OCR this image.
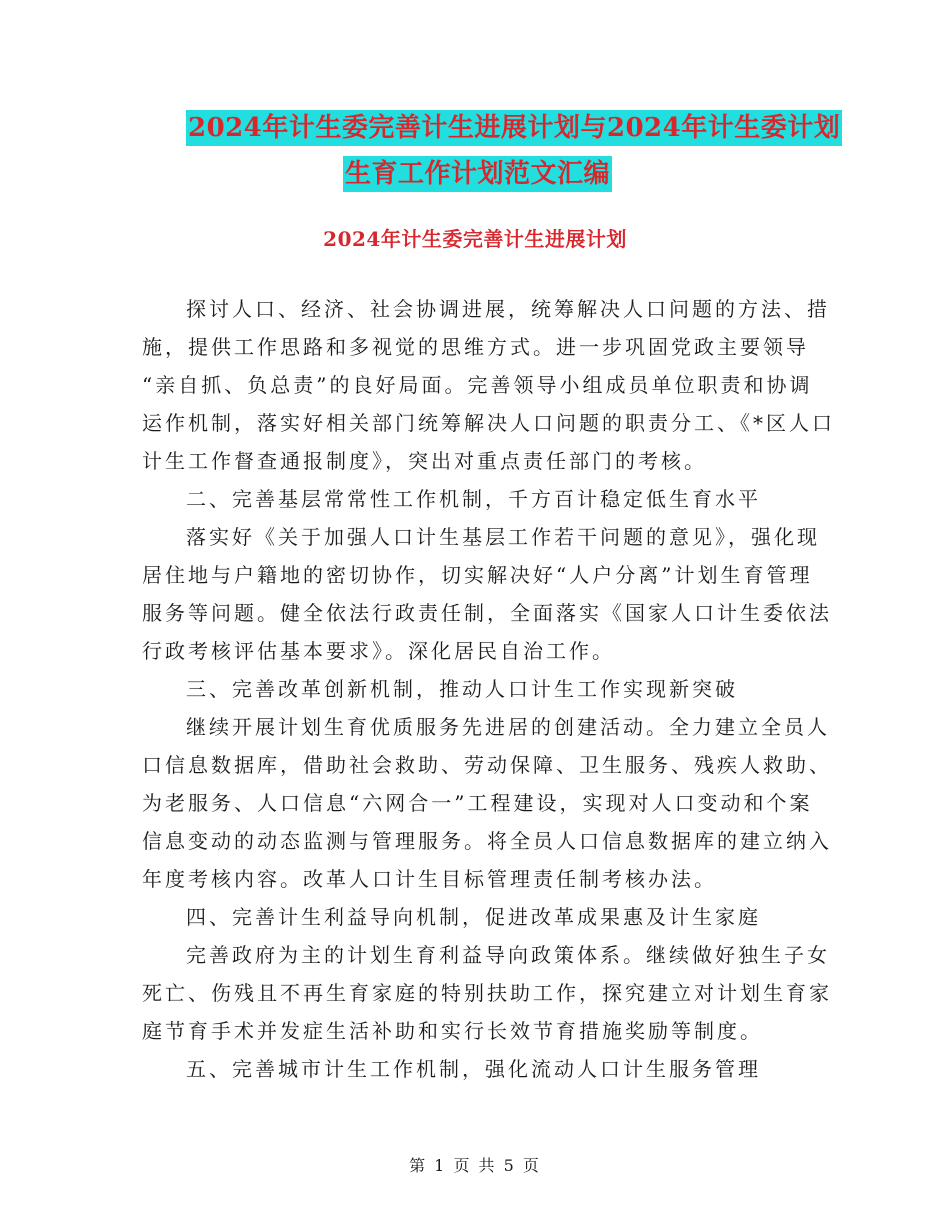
2024年计生委完善计生进展计划与2024年计生委计划
生育工作计划范文汇编
2024年计生委完善计生进展计划
探讨人口、经济、社会协调进展，统筹解决人口问题的方法、措
施，提供工作思路和多视觉的思维方式。进一步巩固党政主要领导
“亲自抓、负总责”的良好局面。完善领导小组成员单位职责和协调
运作机制，落实好相关部门统筹解决人口问题的职责分工、《*区人口
计生工作督查通报制度》，突出对重点责任部门的考核。
二、完善基层常常性工作机制，千方百计稳定低生育水平
落实好《关于加强人口计生基层工作若干问题的意见》，强化现
居住地与户籍地的密切协作，切实解决好“人户分离”计划生育管理
服务等问题。健全依法行政责任制，全面落实《国家人口计生委依法
行政考核评估基本要求》。深化居民自治工作。
三、完善改革创新机制，推动人口计生工作实现新突破
继续开展计划生育优质服务先进居的创建活动。全力建立全员人
口信息数据库，借助社会救助、劳动保障、卫生服务、残疾人救助、
为老服务、人口信息“六网合一”工程建设，实现对人口变动和个案
信息变动的动态监测与管理服务。将全员人口信息数据库的建立纳入
年度考核内容。改革人口计生目标管理责任制考核办法。
四、完善计生利益导向机制，促进改革成果惠及计生家庭
完善政府为主的计划生育利益导向政策体系。继续做好独生子女
死亡、伤残且不再生育家庭的特别扶助工作，探究建立对计划生育家
庭节育手术并发症生活补助和实行长效节育措施奖励等制度。
五、完善城市计生工作机制，强化流动人口计生服务管理
第 1 页 共 5 页
